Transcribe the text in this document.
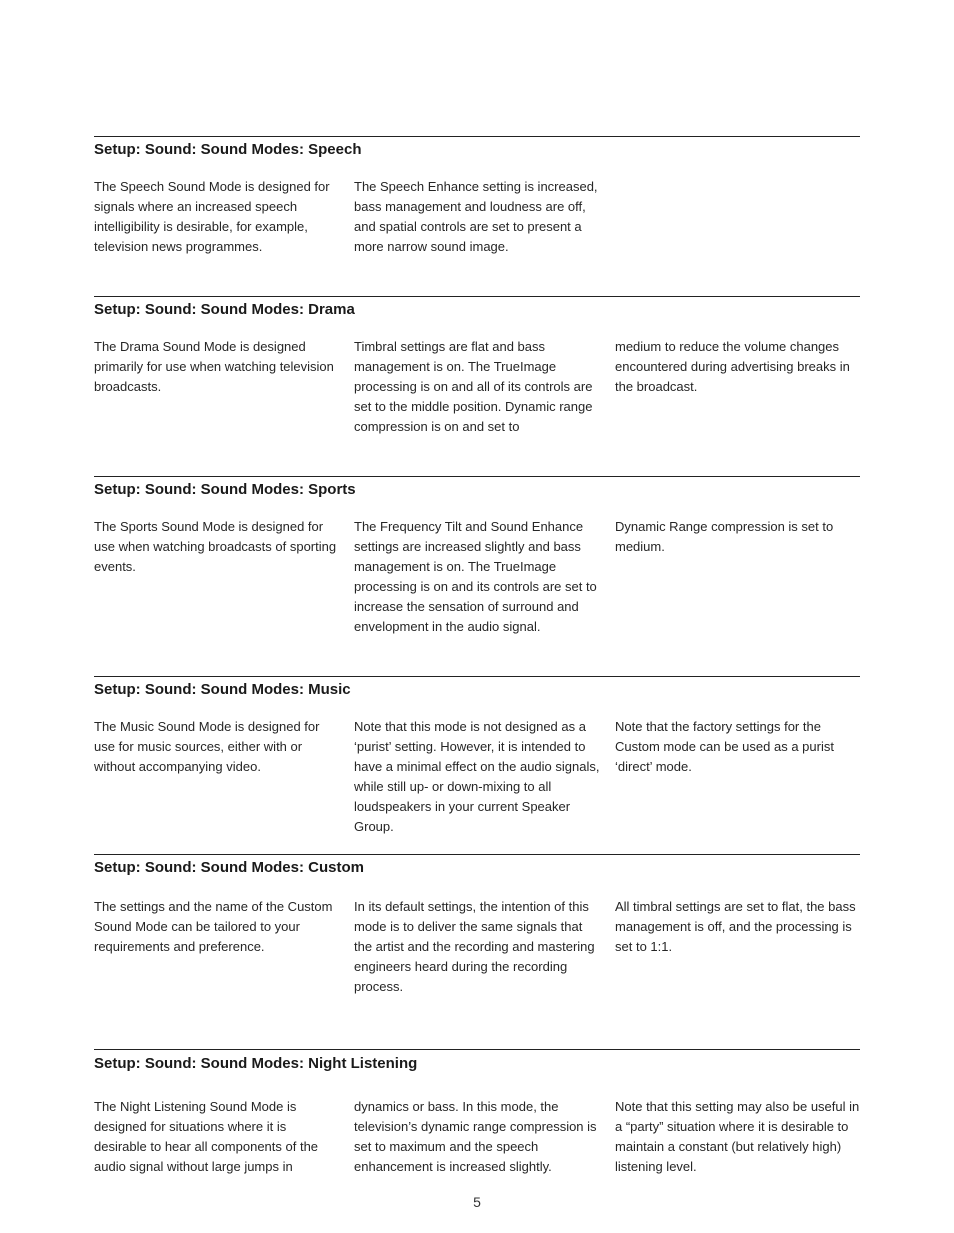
Setup: Sound: Sound Modes: Speech

The Speech Sound Mode is designed for signals where an increased speech intelligibility is desirable, for example, television news programmes.

The Speech Enhance setting is increased, bass management and loudness are off, and spatial controls are set to present a more narrow sound image.

Setup: Sound: Sound Modes: Drama

The Drama Sound Mode is designed primarily for use when watching television broadcasts.

Timbral settings are flat and bass management is on. The TrueImage processing is on and all of its controls are set to the middle position. Dynamic range compression is on and set to

medium to reduce the volume changes encountered during advertising breaks in the broadcast.

Setup: Sound: Sound Modes: Sports

The Sports Sound Mode is designed for use when watching broadcasts of sporting events.

The Frequency Tilt and Sound Enhance settings are increased slightly and bass management is on. The TrueImage processing is on and its controls are set to increase the sensation of surround and envelopment in the audio signal.

Dynamic Range compression is set to medium.

Setup: Sound: Sound Modes: Music

The Music Sound Mode is designed for use for music sources, either with or without accompanying video.

Note that this mode is not designed as a ‘purist’ setting. However, it is intended to have a minimal effect on the audio signals, while still up- or down-mixing to all loudspeakers in your current Speaker Group.

Note that the factory settings for the Custom mode can be used as a purist ‘direct’ mode.

Setup: Sound: Sound Modes: Custom

The settings and the name of the Custom Sound Mode can be tailored to your requirements and preference.

In its default settings, the intention of this mode is to deliver the same signals that the artist and the recording and mastering engineers heard during the recording process.

All timbral settings are set to flat, the bass management is off, and the processing is set to 1:1.

Setup: Sound: Sound Modes: Night Listening

The Night Listening Sound Mode is designed for situations where it is desirable to hear all components of the audio signal without large jumps in

dynamics or bass. In this mode, the television’s dynamic range compression is set to maximum and the speech enhancement is increased slightly.

Note that this setting may also be useful in a “party” situation where it is desirable to maintain a constant (but relatively high) listening level.

5
